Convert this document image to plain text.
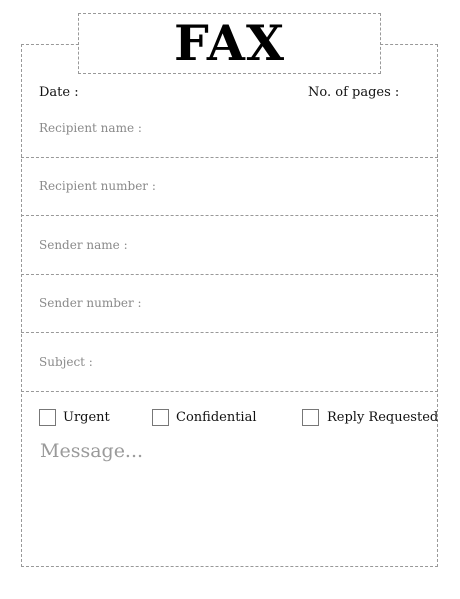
FAX
Date :	No. of pages :
Recipient name :
Recipient number :
Sender name :
Sender number :
Subject :
Urgent	Confidential	Reply Requested
Message...
